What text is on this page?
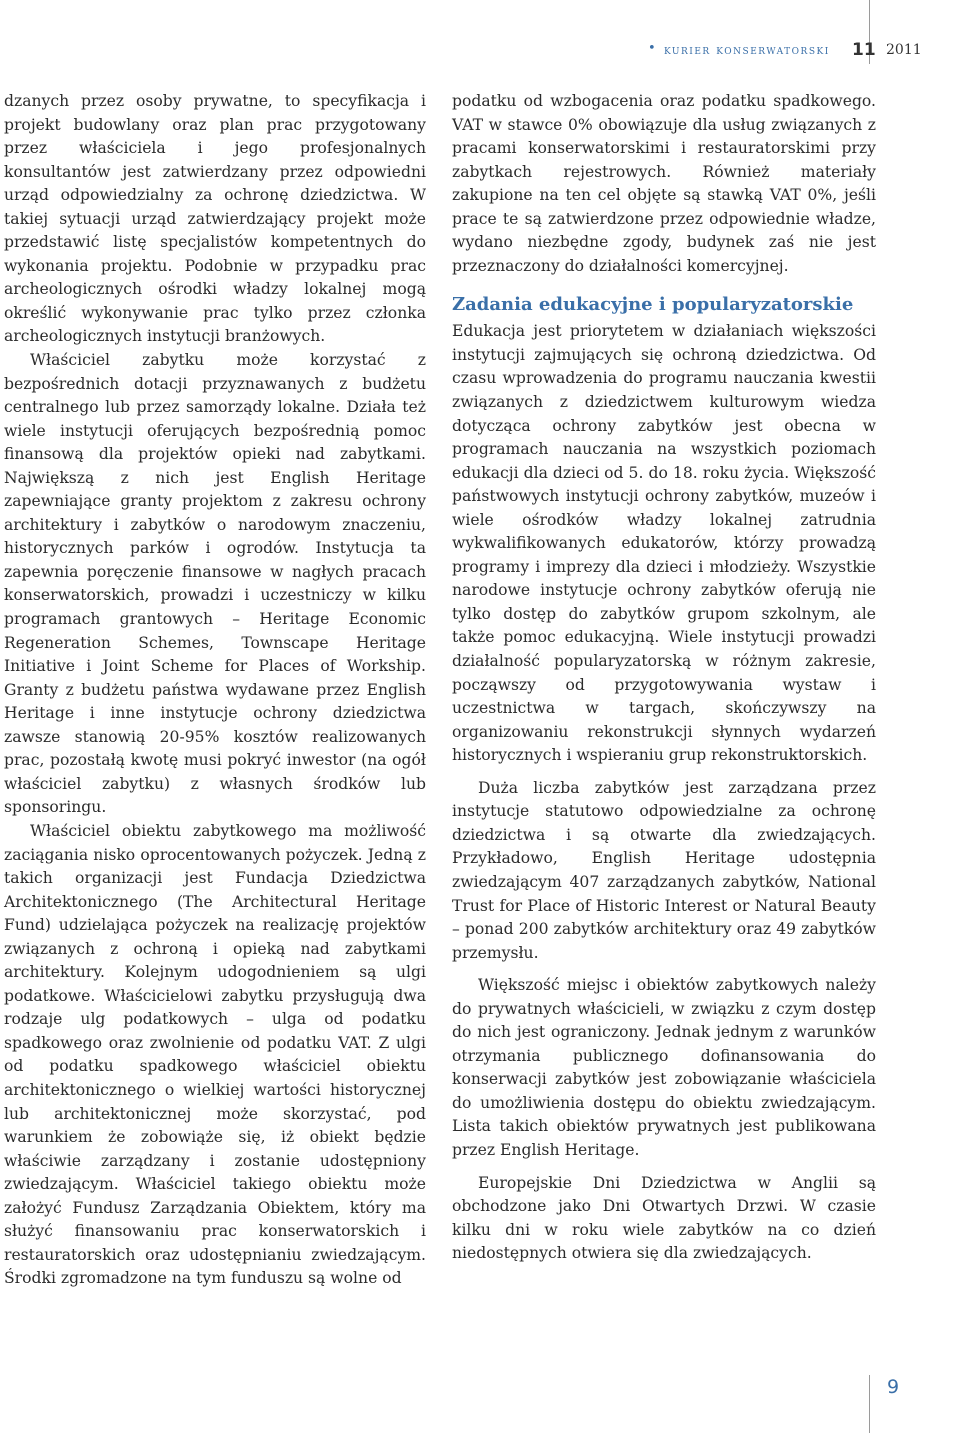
• kurier konserwatorski 11 2011

dzanych przez osoby prywatne, to specyfikacja i projekt budowlany oraz plan prac przygotowany przez właściciela i jego profesjonalnych konsultantów jest zatwierdzany przez odpowiedni urząd odpowiedzialny za ochronę dziedzictwa. W takiej sytuacji urząd zatwierdzający projekt może przedstawić listę specjalistów kompetentnych do wykonania projektu. Podobnie w przypadku prac archeologicznych ośrodki władzy lokalnej mogą określić wykonywanie prac tylko przez członka archeologicznych instytucji branżowych.

Właściciel zabytku może korzystać z bezpośrednich dotacji przyznawanych z budżetu centralnego lub przez samorządy lokalne. Działa też wiele instytucji oferujących bezpośrednią pomoc finansową dla projektów opieki nad zabytkami. Największą z nich jest English Heritage zapewniające granty projektom z zakresu ochrony architektury i zabytków o narodowym znaczeniu, historycznych parków i ogrodów. Instytucja ta zapewnia poręczenie finansowe w nagłych pracach konserwatorskich, prowadzi i uczestniczy w kilku programach grantowych – Heritage Economic Regeneration Schemes, Townscape Heritage Initiative i Joint Scheme for Places of Workship. Granty z budżetu państwa wydawane przez English Heritage i inne instytucje ochrony dziedzictwa zawsze stanowią 20-95% kosztów realizowanych prac, pozostałą kwotę musi pokryć inwestor (na ogół właściciel zabytku) z własnych środków lub sponsoringu.

Właściciel obiektu zabytkowego ma możliwość zaciągania nisko oprocentowanych pożyczek. Jedną z takich organizacji jest Fundacja Dziedzictwa Architektonicznego (The Architectural Heritage Fund) udzielająca pożyczek na realizację projektów związanych z ochroną i opieką nad zabytkami architektury. Kolejnym udogodnieniem są ulgi podatkowe. Właścicielowi zabytku przysługują dwa rodzaje ulg podatkowych – ulga od podatku spadkowego oraz zwolnienie od podatku VAT. Z ulgi od podatku spadkowego właściciel obiektu architektonicznego o wielkiej wartości historycznej lub architektonicznej może skorzystać, pod warunkiem że zobowiąże się, iż obiekt będzie właściwie zarządzany i zostanie udostępniony zwiedzającym. Właściciel takiego obiektu może założyć Fundusz Zarządzania Obiektem, który ma służyć finansowaniu prac konserwatorskich i restauratorskich oraz udostępnianiu zwiedzającym. Środki zgromadzone na tym funduszu są wolne od

podatku od wzbogacenia oraz podatku spadkowego. VAT w stawce 0% obowiązuje dla usług związanych z pracami konserwatorskimi i restauratorskimi przy zabytkach rejestrowych. Również materiały zakupione na ten cel objęte są stawką VAT 0%, jeśli prace te są zatwierdzone przez odpowiednie władze, wydano niezbędne zgody, budynek zaś nie jest przeznaczony do działalności komercyjnej.

Zadania edukacyjne i popularyzatorskie

Edukacja jest priorytetem w działaniach większości instytucji zajmujących się ochroną dziedzictwa. Od czasu wprowadzenia do programu nauczania kwestii związanych z dziedzictwem kulturowym wiedza dotycząca ochrony zabytków jest obecna w programach nauczania na wszystkich poziomach edukacji dla dzieci od 5. do 18. roku życia. Większość państwowych instytucji ochrony zabytków, muzeów i wiele ośrodków władzy lokalnej zatrudnia wykwalifikowanych edukatorów, którzy prowadzą programy i imprezy dla dzieci i młodzieży. Wszystkie narodowe instytucje ochrony zabytków oferują nie tylko dostęp do zabytków grupom szkolnym, ale także pomoc edukacyjną. Wiele instytucji prowadzi działalność popularyzatorską w różnym zakresie, począwszy od przygotowywania wystaw i uczestnictwa w targach, skończywszy na organizowaniu rekonstrukcji słynnych wydarzeń historycznych i wspieraniu grup rekonstruktorskich.

Duża liczba zabytków jest zarządzana przez instytucje statutowo odpowiedzialne za ochronę dziedzictwa i są otwarte dla zwiedzających. Przykładowo, English Heritage udostępnia zwiedzającym 407 zarządzanych zabytków, National Trust for Place of Historic Interest or Natural Beauty – ponad 200 zabytków architektury oraz 49 zabytków przemysłu.

Większość miejsc i obiektów zabytkowych należy do prywatnych właścicieli, w związku z czym dostęp do nich jest ograniczony. Jednak jednym z warunków otrzymania publicznego dofinansowania do konserwacji zabytków jest zobowiązanie właściciela do umożliwienia dostępu do obiektu zwiedzającym. Lista takich obiektów prywatnych jest publikowana przez English Heritage.

Europejskie Dni Dziedzictwa w Anglii są obchodzone jako Dni Otwartych Drzwi. W czasie kilku dni w roku wiele zabytków na co dzień niedostępnych otwiera się dla zwiedzających.

9
